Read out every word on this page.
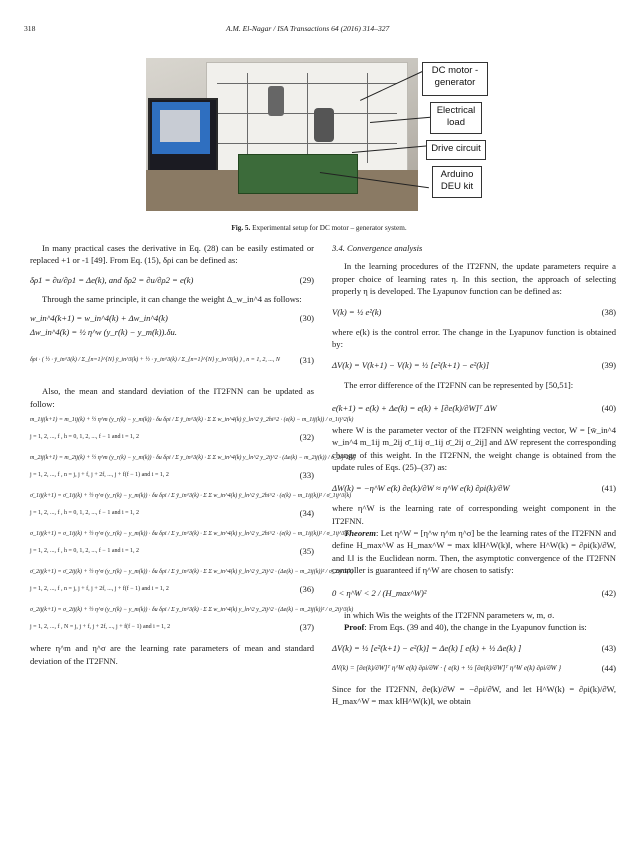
318	A.M. El-Nagar / ISA Transactions 64 (2016) 314–327
DC motor -
generator
Electrical
load
Drive circuit
Arduino
DEU kit
Fig. 5. Experimental setup for DC motor – generator system.

In many practical cases the derivative in Eq. (28) can be easily estimated or replaced +1 or -1 [49]. From Eq. (15), δρi can be defined as:

δρ1 = ∂u/∂ρ1 = Δe(k), and δρ2 = ∂u/∂ρ2 = e(k)	(29)

Through the same principle, it can change the weight Δ_w_in^4 as follows:

w_in^4(k+1) = w_in^4(k) + Δw_in^4(k)	(30)
Δw_in^4(k) = ½ η^w (y_r(k) − y_m(k)).δu.
δρi · ( ½ · ȳ_in^3(k) / Σ_{n=1}^{N} ȳ_in^3(k) + ½ · y_in^3(k) / Σ_{n=1}^{N} y_in^3(k) ) , n = 1, 2, ..., N (31)

Also, the mean and standard deviation of the IT2FNN can be updated as follow:

m_1ij(k+1) = m_1ij(k) + ½ η^m (y_r(k) − y_m(k)) · δu δρi / Σ ȳ_in^3(k) · Σ Σ w_in^4(k) ȳ_ln^2 ȳ_2hi^2 · (e(k) − m_1ij(k)) / σ_1ij^2(k)
j = 1, 2, ..., f , h = 0, 1, 2, ..., f − 1 and i = 1, 2	(32)
m_2ij(k+1) = m_2ij(k) + ½ η^m (y_r(k) − y_m(k)) · δu δρi / Σ y_in^3(k) · Σ Σ w_in^4(k) y_ln^2 y_2ij^2 · (Δe(k) − m_2ij(k)) / σ_2ij^2(k)
j = 1, 2, ..., f , n = j, j + f, j + 2f, ..., j + f(f − 1) and i = 1, 2	(33)
σ̄_1ij(k+1) = σ̄_1ij(k) + ½ η^σ (y_r(k) − y_m(k)) · δu δρi / Σ ȳ_in^3(k) · Σ Σ w_in^4(k) ȳ_ln^2 ȳ_2hi^2 · (e(k) − m_1ij(k))² / σ̄_1ij^3(k)
j = 1, 2, ..., f , h = 0, 1, 2, ..., f − 1 and i = 1, 2	(34)
σ_1ij(k+1) = σ_1ij(k) + ½ η^σ (y_r(k) − y_m(k)) · δu δρi / Σ y_in^3(k) · Σ Σ w_in^4(k) y_ln^2 y_2hi^2 · (e(k) − m_1ij(k))² / σ_1ij^3(k)
j = 1, 2, ..., f , h = 0, 1, 2, ..., f − 1 and i = 1, 2	(35)
σ̄_2ij(k+1) = σ̄_2ij(k) + ½ η^σ (y_r(k) − y_m(k)) · δu δρi / Σ ȳ_in^3(k) · Σ Σ w_in^4(k) ȳ_ln^2 ȳ_2ij^2 · (Δe(k) − m_2ij(k))² / σ̄_2ij^3(k)
j = 1, 2, ..., f , n = j, j + f, j + 2f, ..., j + f(f − 1) and i = 1, 2	(36)
σ_2ij(k+1) = σ_2ij(k) + ½ η^σ (y_r(k) − y_m(k)) · δu δρi / Σ y_in^3(k) · Σ Σ w_in^4(k) y_ln^2 y_2ij^2 · (Δe(k) − m_2ij(k))² / σ_2ij^3(k)
j = 1, 2, ..., f , N = j, j + f, j + 2f, ..., j + f(f − 1) and i = 1, 2	(37)

where η^m and η^σ are the learning rate parameters of mean and standard deviation of the IT2FNN.

3.4. Convergence analysis

In the learning procedures of the IT2FNN, the update parameters require a proper choice of learning rates η. In this section, the approach of selecting properly η is developed. The Lyapunov function can be defined as:

V(k) = ½ e²(k)	(38)

where e(k) is the control error. The change in the Lyapunov function is obtained by:

ΔV(k) = V(k+1) − V(k) = ½ [e²(k+1) − e²(k)]	(39)

The error difference of the IT2FNN can be represented by [50,51]:

e(k+1) = e(k) + Δe(k) = e(k) + [∂e(k)/∂W]ᵀ ΔW	(40)

where W is the parameter vector of the IT2FNN weighting vector, W = [w̄_in^4 w_in^4 m_1ij m_2ij σ̄_1ij σ_1ij σ̄_2ij σ_2ij] and ΔW represent the corresponding change of this weight. In the IT2FNN, the weight change is obtained from the update rules of Eqs. (25)–(37) as:

ΔW(k) = −η^W e(k) ∂e(k)/∂W ≈ η^W e(k) ∂ρi(k)/∂W	(41)

where η^W is the learning rate of corresponding weight component in the IT2FNN.

Theorem: Let η^W = [η^w η^m η^σ] be the learning rates of the IT2FNN and define H_max^W as H_max^W = max k‖H^W(k)‖, where H^W(k) = ∂ρi(k)/∂W, and ‖.‖ is the Euclidean norm. Then, the asymptotic convergence of the IT2FNN controller is guaranteed if η^W are chosen to satisfy:

0 < η^W < 2 / (H_max^W)²	(42)

in which Wis the weights of the IT2FNN parameters w, m, σ.

Proof: From Eqs. (39 and 40), the change in the Lyapunov function is:

ΔV(k) = ½ [e²(k+1) − e²(k)] = Δe(k) [ e(k) + ½ Δe(k) ]	(43)
ΔV(k) = [∂e(k)/∂W]ᵀ η^W e(k) ∂ρi/∂W · { e(k) + ½ [∂e(k)/∂W]ᵀ η^W e(k) ∂ρi/∂W }	(44)

Since for the IT2FNN, ∂e(k)/∂W = −∂ρi/∂W, and let H^W(k) = ∂ρi(k)/∂W, H_max^W = max k‖H^W(k)‖, we obtain
